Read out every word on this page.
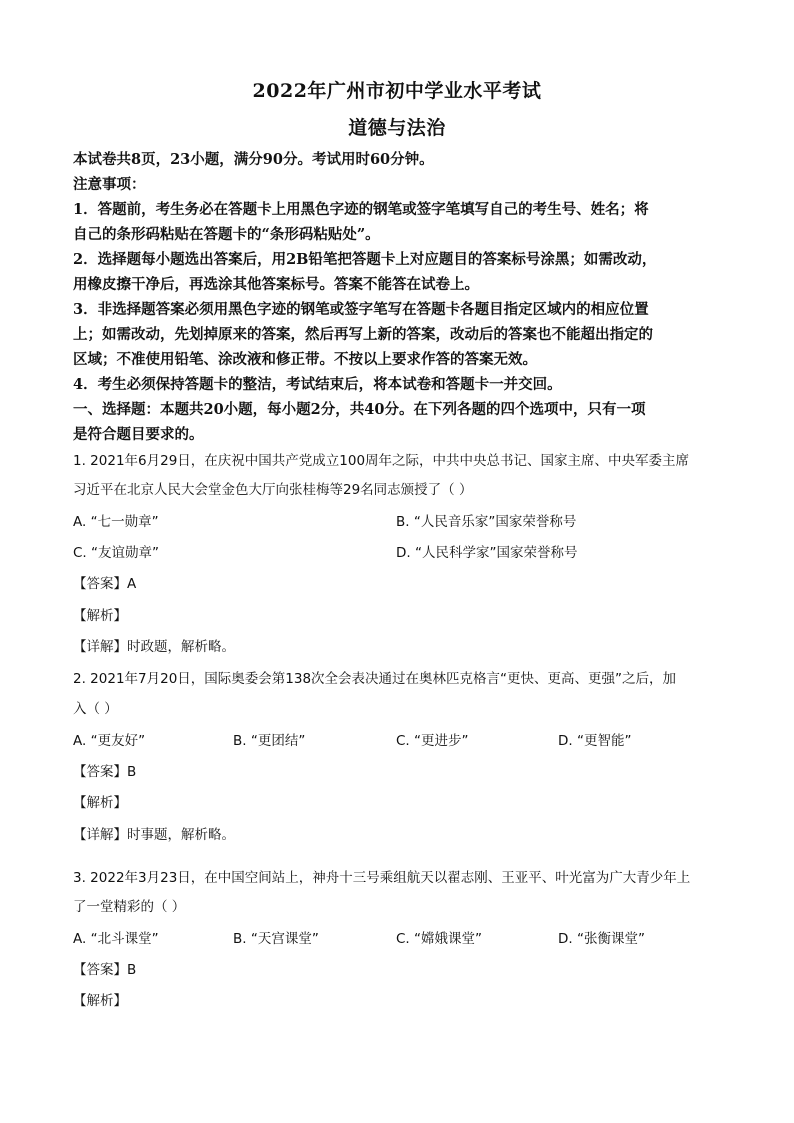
2022年广州市初中学业水平考试
道德与法治
本试卷共8页，23小题，满分90分。考试用时60分钟。
注意事项：
1．答题前，考生务必在答题卡上用黑色字迹的钢笔或签字笔填写自己的考生号、姓名；将
自己的条形码粘贴在答题卡的“条形码粘贴处”。
2．选择题每小题选出答案后，用2B铅笔把答题卡上对应题目的答案标号涂黑；如需改动，
用橡皮擦干净后，再选涂其他答案标号。答案不能答在试卷上。
3．非选择题答案必须用黑色字迹的钢笔或签字笔写在答题卡各题目指定区域内的相应位置
上；如需改动，先划掉原来的答案，然后再写上新的答案，改动后的答案也不能超出指定的
区域；不准使用铅笔、涂改液和修正带。不按以上要求作答的答案无效。
4．考生必须保持答题卡的整洁，考试结束后，将本试卷和答题卡一并交回。
一、选择题：本题共20小题，每小题2分，共40分。在下列各题的四个选项中，只有一项
是符合题目要求的。
1. 2021年6月29日，在庆祝中国共产党成立100周年之际，中共中央总书记、国家主席、中央军委主席
习近平在北京人民大会堂金色大厅向张桂梅等29名同志颁授了（ ）
A. “七一勋章”	B. “人民音乐家”国家荣誉称号
C. “友谊勋章”	D. “人民科学家”国家荣誉称号
【答案】A
【解析】
【详解】时政题，解析略。
2. 2021年7月20日，国际奥委会第138次全会表决通过在奥林匹克格言“更快、更高、更强”之后，加
入（ ）
A. “更友好”	B. “更团结”	C. “更进步”	D. “更智能”
【答案】B
【解析】
【详解】时事题，解析略。
3. 2022年3月23日，在中国空间站上，神舟十三号乘组航天以翟志刚、王亚平、叶光富为广大青少年上
了一堂精彩的（ ）
A. “北斗课堂”	B. “天宫课堂”	C. “嫦娥课堂”	D. “张衡课堂”
【答案】B
【解析】
